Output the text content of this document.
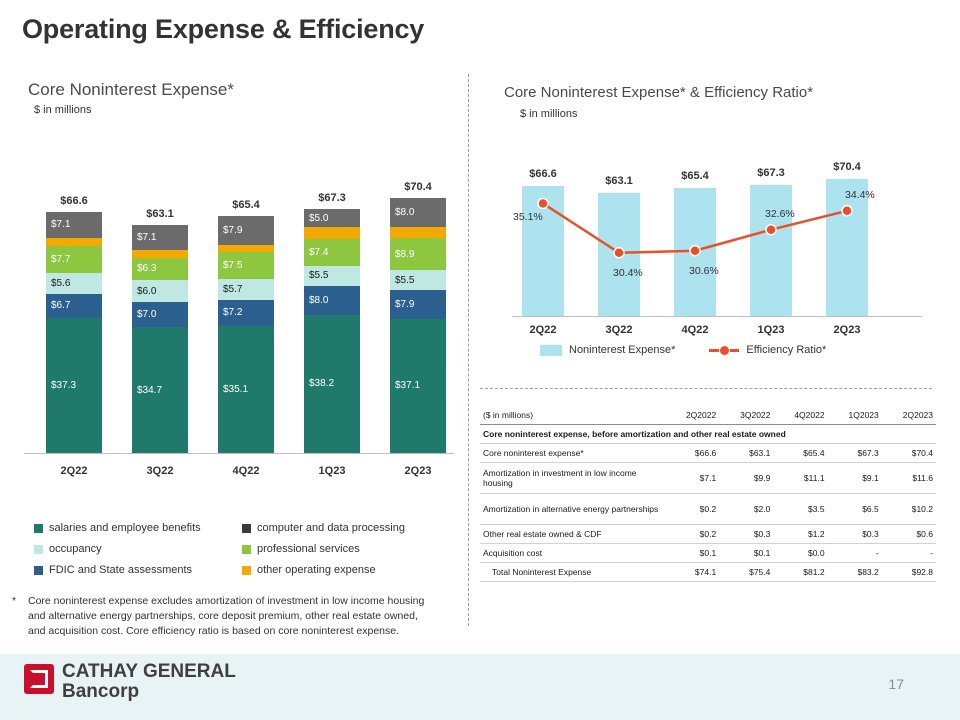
Operating Expense & Efficiency
Core Noninterest Expense*
$ in millions
$37.3
$6.7
$5.6
$7.7
$7.1
$66.6
2Q22
$34.7
$7.0
$6.0
$6.3
$7.1
$63.1
3Q22
$35.1
$7.2
$5.7
$7.5
$7.9
$65.4
4Q22
$38.2
$8.0
$5.5
$7.4
$5.0
$67.3
1Q23
$37.1
$7.9
$5.5
$8.9
$8.0
$70.4
2Q23
salaries and employee benefits	computer and data processing
occupancy	professional services
FDIC and State assessments	other operating expense
* Core noninterest expense excludes amortization of investment in low income housing and alternative energy partnerships, core deposit premium, other real estate owned, and acquisition cost. Core efficiency ratio is based on core noninterest expense.
Core Noninterest Expense* & Efficiency Ratio*
$ in millions
$66.6
2Q22
$63.1
3Q22
$65.4
4Q22
$67.3
1Q23
$70.4
2Q23
35.1%
30.4%	30.6%
32.6%
34.4%
Noninterest Expense*	Efficiency Ratio*
($ in millions)	2Q2022	3Q2022	4Q2022	1Q2023	2Q2023
Core noninterest expense, before amortization and other real estate owned					
Core noninterest expense*	$66.6	$63.1	$65.4	$67.3	$70.4
Amortization in investment in low income housing	$7.1	$9.9	$11.1	$9.1	$11.6
Amortization in alternative energy partnerships	$0.2	$2.0	$3.5	$6.5	$10.2
Other real estate owned & CDF	$0.2	$0.3	$1.2	$0.3	$0.6
Acquisition cost	$0.1	$0.1	$0.0	-	-
Total Noninterest Expense	$74.1	$75.4	$81.2	$83.2	$92.8
CATHAY GENERAL
Bancorp	17
